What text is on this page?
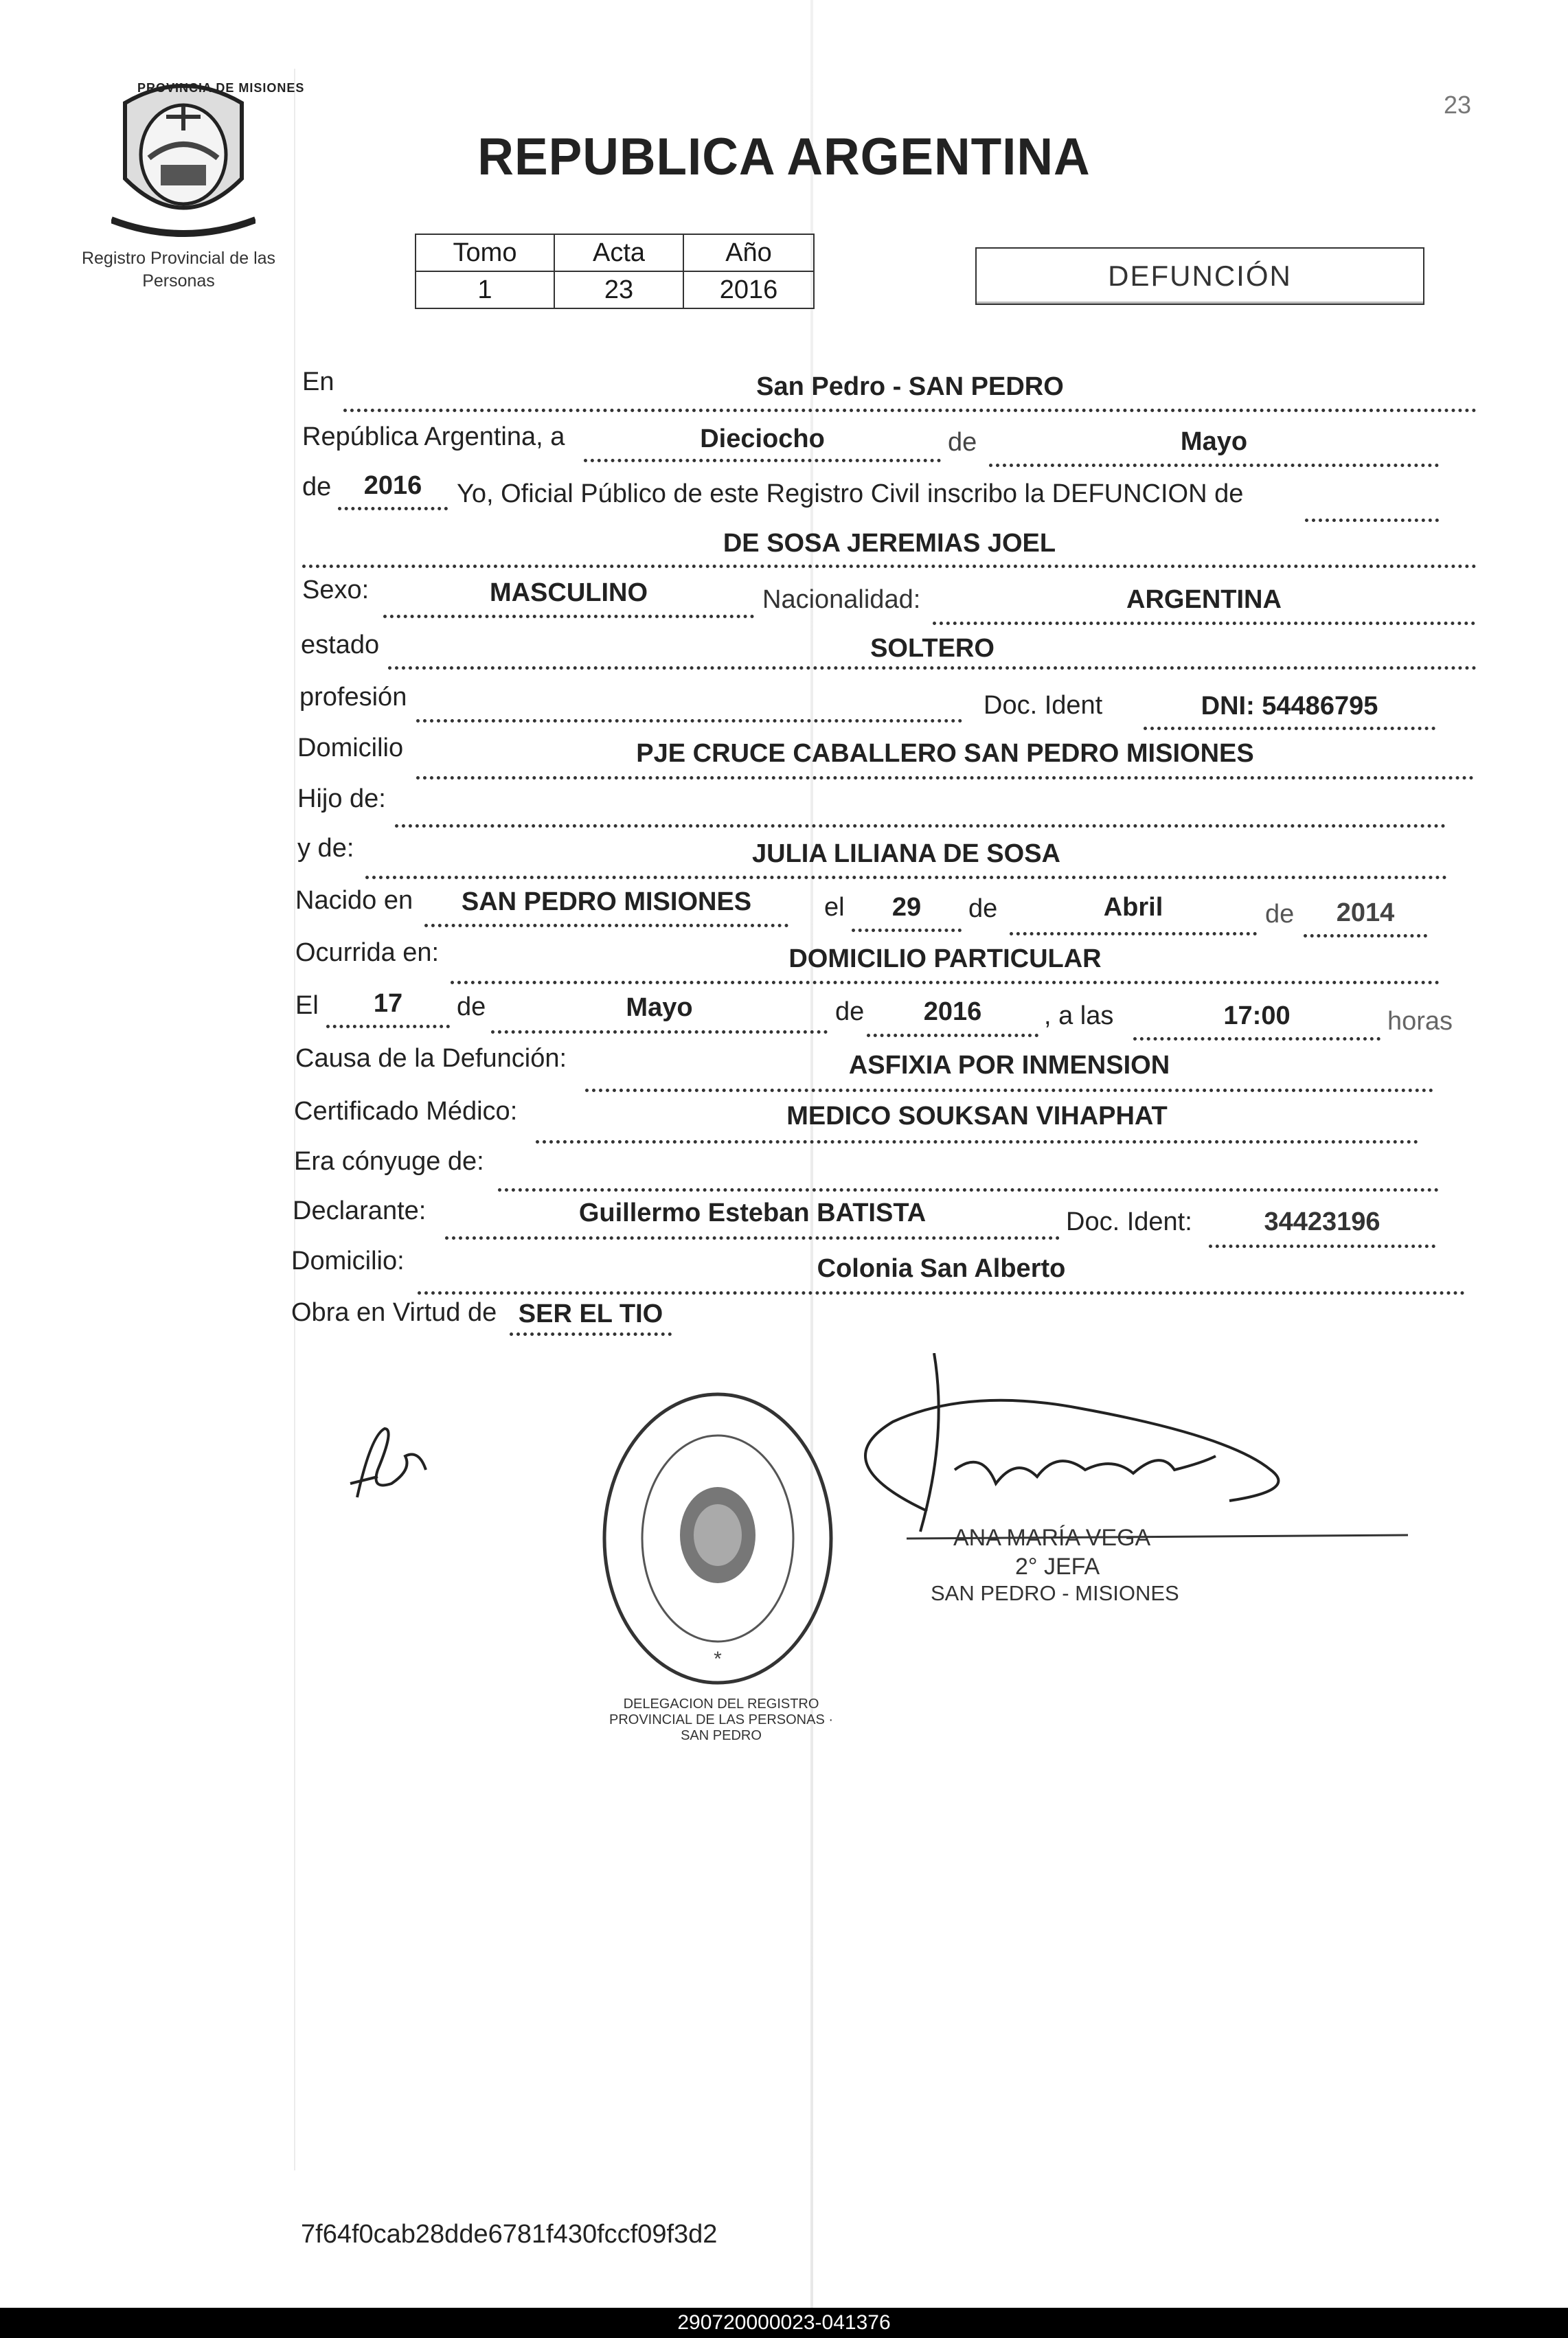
23
PROVINCIA DE MISIONES
Registro Provincial de las Personas
REPUBLICA ARGENTINA
Tomo	Acta	Año
1	23	2016	DEFUNCIÓN
En	San Pedro - SAN PEDRO
República Argentina, a	Dieciocho	de	Mayo
de	2016	Yo, Oficial Público de este Registro Civil inscribo la DEFUNCION de
DE SOSA JEREMIAS JOEL
Sexo:	MASCULINO	Nacionalidad:	ARGENTINA
estado	SOLTERO
profesión	Doc. Ident	DNI: 54486795
Domicilio	PJE CRUCE CABALLERO SAN PEDRO MISIONES
Hijo de:
y de:	JULIA LILIANA DE SOSA
Nacido en	SAN PEDRO MISIONES	el	29	de	Abril	de	2014
Ocurrida en:	DOMICILIO PARTICULAR
El	17	de	Mayo	de	2016	, a las	17:00	horas
Causa de la Defunción:	ASFIXIA POR INMENSION
Certificado Médico:	MEDICO SOUKSAN VIHAPHAT
Era cónyuge de:
Declarante:	Guillermo Esteban BATISTA	Doc. Ident:	34423196
Domicilio:	Colonia San Alberto
Obra en Virtud de SER EL TIO
*
DELEGACION DEL REGISTRO PROVINCIAL DE LAS PERSONAS · SAN PEDRO
ANA MARÍA VEGA
2° JEFA
SAN PEDRO - MISIONES
7f64f0cab28dde6781f430fccf09f3d2
290720000023-041376
